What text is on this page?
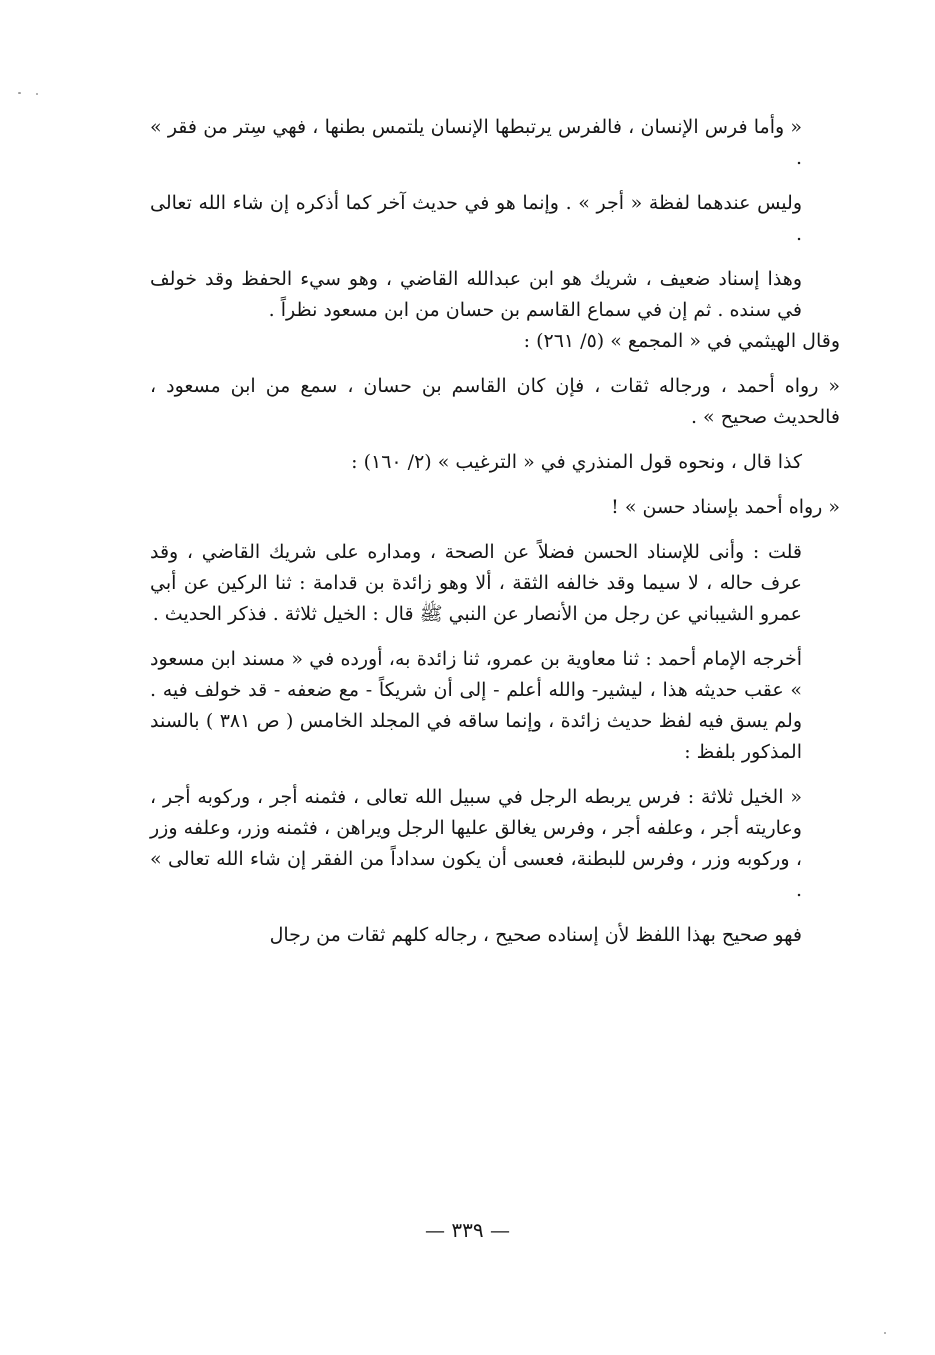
« وأما فرس الإنسان ، فالفرس يرتبطها الإنسان يلتمس بطنها ، فهي سِتر من فقر » .

وليس عندهما لفظة « أجر » . وإنما هو في حديث آخر كما أذكره إن شاء الله تعالى .

وهذا إسناد ضعيف ، شريك هو ابن عبدالله القاضي ، وهو سيء الحفظ وقد خولف في سنده . ثم إن في سماع القاسم بن حسان من ابن مسعود نظراً .

وقال الهيثمي في « المجمع » (٥/ ٢٦١) :

« رواه أحمد ، ورجاله ثقات ، فإن كان القاسم بن حسان ، سمع من ابن مسعود ، فالحديث صحيح » .

كذا قال ، ونحوه قول المنذري في « الترغيب » (٢/ ١٦٠) :

« رواه أحمد بإسناد حسن » !

قلت : وأنى للإسناد الحسن فضلاً عن الصحة ، ومداره على شريك القاضي ، وقد عرف حاله ، لا سيما وقد خالفه الثقة ، ألا وهو زائدة بن قدامة : ثنا الركين عن أبي عمرو الشيباني عن رجل من الأنصار عن النبي ﷺ قال : الخيل ثلاثة . فذكر الحديث .

أخرجه الإمام أحمد : ثنا معاوية بن عمرو، ثنا زائدة به، أورده في « مسند ابن مسعود » عقب حديثه هذا ، ليشير- والله أعلم - إلى أن شريكاً - مع ضعفه - قد خولف فيه . ولم يسق فيه لفظ حديث زائدة ، وإنما ساقه في المجلد الخامس ( ص ٣٨١ ) بالسند المذكور بلفظ :

« الخيل ثلاثة : فرس يربطه الرجل في سبيل الله تعالى ، فثمنه أجر ، وركوبه أجر ، وعاريته أجر ، وعلفه أجر ، وفرس يغالق عليها الرجل ويراهن ، فثمنه وزر، وعلفه وزر ، وركوبه وزر ، وفرس للبطنة، فعسى أن يكون سداداً من الفقر إن شاء الله تعالى » .

فهو صحيح بهذا اللفظ لأن إسناده صحيح ، رجاله كلهم ثقات من رجال

— ٣٣٩ —
